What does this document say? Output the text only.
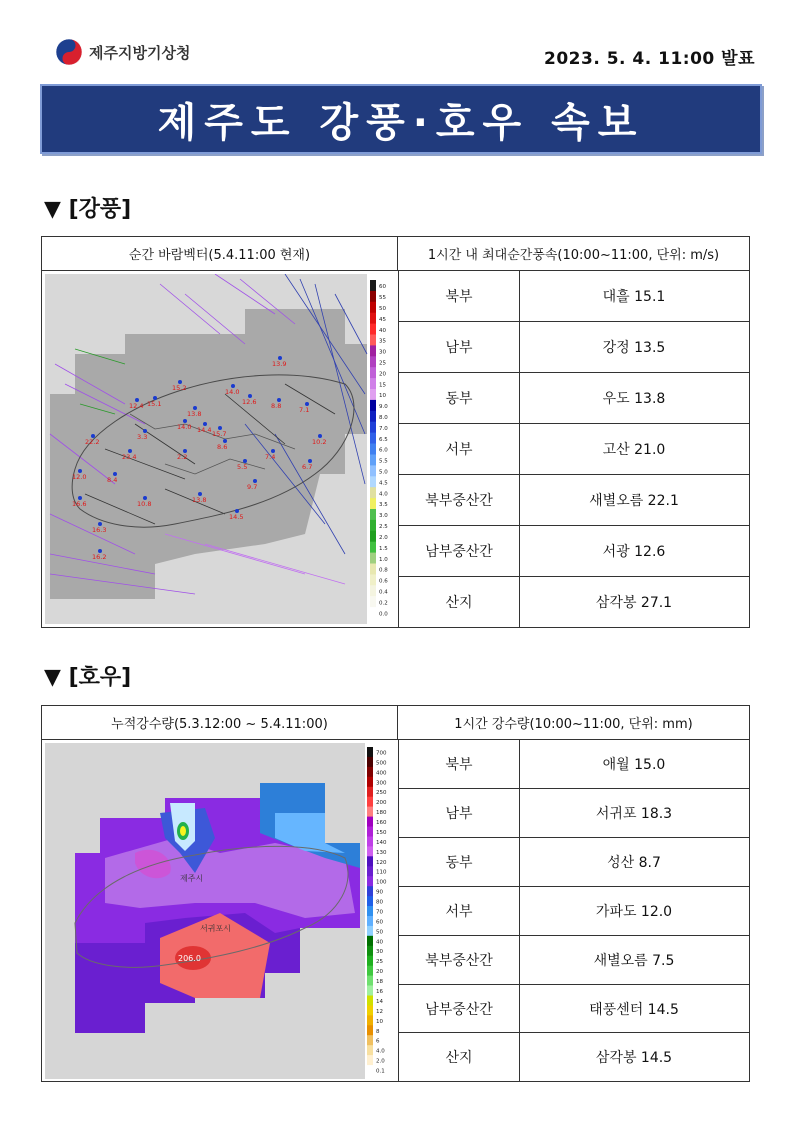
제주지방기상청	2023. 5. 4. 11:00 발표
제주도 강풍·호우 속보
▼ [강풍]
순간 바람벡터(5.4.11:00 현재)	1시간 내 최대순간풍속(10:00~11:00, 단위: m/s)
13.9
15.2	14.0
12.6
15.1
13.8
8.8	7.1
12.4
14.0 14.4 15.7
8.6
7.4
6.7
10.2
22.2
3.3
23.4
5.5
12.0	8.4
9.7
16.6	10.8	13.8
14.5
16.3
16.2
2.2
60
55
50
45
40
35
30
25
20
15
10
9.0
8.0
7.0
6.5
6.0
5.5
5.0
4.5
4.0
3.5
3.0
2.5
2.0
1.5
1.0
0.8
0.6
0.4
0.2
0.0
북부	대흘 15.1
남부	강정 13.5
동부	우도 13.8
서부	고산 21.0
북부중산간	새별오름 22.1
남부중산간	서광 12.6
산지	삼각봉 27.1
▼ [호우]
누적강수량(5.3.12:00 ~ 5.4.11:00)	1시간 강수량(10:00~11:00, 단위: mm)
제주시
서귀포시
206.0
700
500
400
300
250
200
180
160
150
140
130
120
110
100
90
80
70
60
50
40
30
25
20
18
16
14
12
10
8
6
4.0
2.0
0.1
북부	애월 15.0
남부	서귀포 18.3
동부	성산 8.7
서부	가파도 12.0
북부중산간	새별오름 7.5
남부중산간	태풍센터 14.5
산지	삼각봉 14.5
